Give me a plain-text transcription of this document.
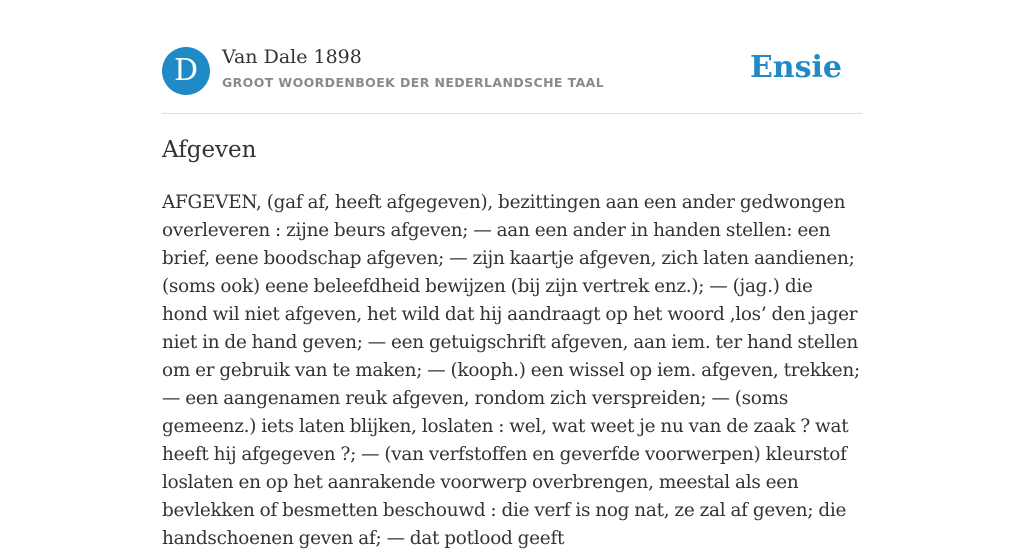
D	Van Dale 1898
GROOT WOORDENBOEK DER NEDERLANDSCHE TAAL	Ensie
Afgeven

AFGEVEN, (gaf af, heeft afgegeven), bezittingen aan een ander gedwongen overleveren : zijne beurs afgeven; — aan een ander in handen stellen: een brief, eene boodschap afgeven; — zijn kaartje afgeven, zich laten aandienen; (soms ook) eene beleefdheid bewijzen (bij zijn vertrek enz.); — (jag.) die hond wil niet afgeven, het wild dat hij aandraagt op het woord ‚los’ den jager niet in de hand geven; — een getuigschrift afgeven, aan iem. ter hand stellen om er gebruik van te maken; — (kooph.) een wissel op iem. afgeven, trekken; — een aangenamen reuk afgeven, rondom zich verspreiden; — (soms gemeenz.) iets laten blijken, loslaten : wel, wat weet je nu van de zaak ? wat heeft hij afgegeven ?; — (van verfstoffen en geverfde voorwerpen) kleurstof loslaten en op het aanrakende voorwerp overbrengen, meestal als een bevlekken of besmetten beschouwd : die verf is nog nat, ze zal af geven; die handschoenen geven af; — dat potlood geeft
